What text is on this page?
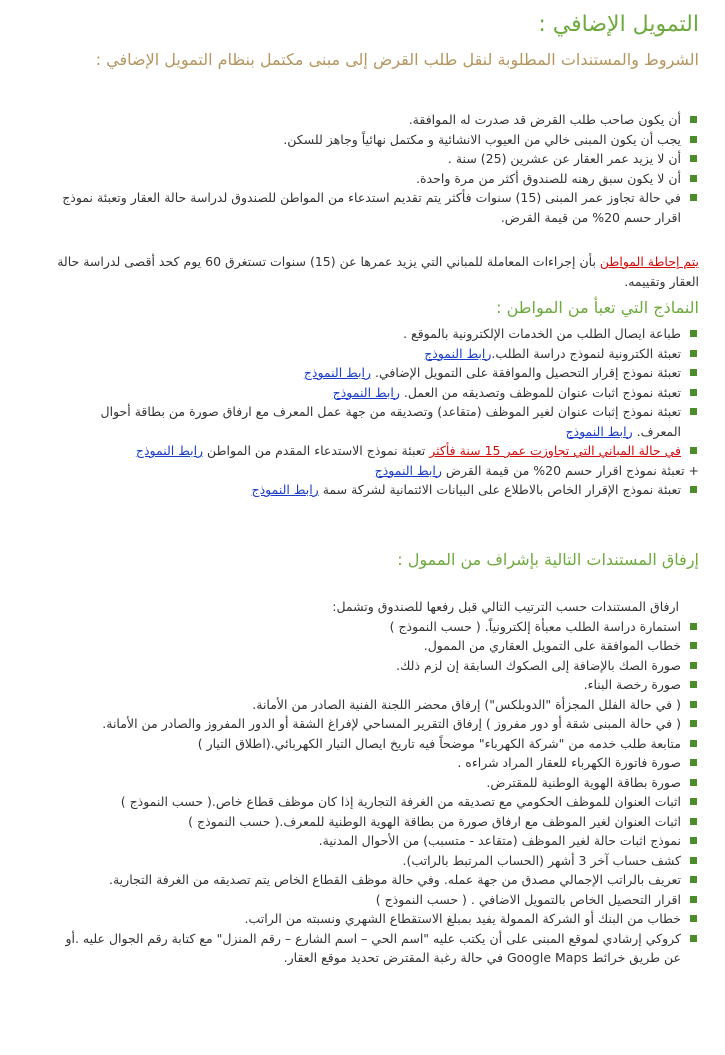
التمويل الإضافي :
الشروط والمستندات المطلوبة لنقل طلب القرض إلى مبنى مكتمل بنظام التمويل الإضافي :
أن يكون صاحب طلب القرض قد صدرت له الموافقة.
يجب أن يكون المبنى خالي من العيوب الانشائية و مكتمل نهائياً وجاهز للسكن.
أن لا يزيد عمر العقار عن عشرين (25) سنة .
أن لا يكون سبق رهنه للصندوق أكثر من مرة واحدة.
في حالة تجاوز عمر المبنى (15) سنوات فأكثر يتم تقديم استدعاء من المواطن للصندوق لدراسة حالة العقار وتعبئة نموذج اقرار حسم 20% من قيمة القرض.

يتم إحاطة المواطن بأن إجراءات المعاملة للمباني التي يزيد عمرها عن (15) سنوات تستغرق 60 يوم كحد أقصى لدراسة حالة العقار وتقييمه.

النماذج التي تعبأ من المواطن :
طباعة ايصال الطلب من الخدمات الإلكترونية بالموقع .
تعبئة الكترونية لنموذج دراسة الطلب.رابط النموذج
تعبئة نموذج إقرار التحصيل والموافقة على التمويل الإضافي. رابط النموذج
تعبئة نموذج اثبات عنوان للموظف وتصديقه من العمل. رابط النموذج
تعبئة نموذج إثبات عنوان لغير الموظف (متقاعد) وتصديقه من جهة عمل المعرف مع ارفاق صورة من بطاقة أحوال المعرف. رابط النموذج
في حالة المباني التي تجاوزت عمر 15 سنة فأكثر تعبئة نموذج الاستدعاء المقدم من المواطن رابط النموذج
+ تعبئة نموذج اقرار حسم 20% من قيمة القرض رابط النموذج
تعبئة نموذج الإقرار الخاص بالاطلاع على البيانات الائتمانية لشركة سمة رابط النموذج
إرفاق المستندات التالية بإشراف من الممول :

ارفاق المستندات حسب الترتيب التالي قبل رفعها للصندوق وتشمل:

استمارة دراسة الطلب معبأة إلكترونياً. ( حسب النموذج )
خطاب الموافقة على التمويل العقاري من الممول.
صورة الصك بالإضافة إلى الصكوك السابقة إن لزم ذلك.
صورة رخصة البناء.
( في حالة الفلل المجزأة "الدوبلكس") إرفاق محضر اللجنة الفنية الصادر من الأمانة.
( في حالة المبنى شقة أو دور مفروز ) إرفاق التقرير المساحي لإفراغ الشقة أو الدور المفروز والصادر من الأمانة.
متابعة طلب خدمه من "شركة الكهرباء" موضحاً فيه تاريخ ايصال التيار الكهربائي.(اطلاق التيار )
صورة فاتورة الكهرباء للعقار المراد شراءه .
صورة بطاقة الهوية الوطنية للمقترض.
اثبات العنوان للموظف الحكومي مع تصديقه من الغرفة التجارية إذا كان موظف قطاع خاص.( حسب النموذج )
اثبات العنوان لغير الموظف مع ارفاق صورة من بطاقة الهوية الوطنية للمعرف.( حسب النموذج )
نموذج اثبات حالة لغير الموظف (متقاعد - متسبب) من الأحوال المدنية.
كشف حساب آخر 3 أشهر (الحساب المرتبط بالراتب).
تعريف بالراتب الإجمالي مصدق من جهة عمله. وفي حالة موظف القطاع الخاص يتم تصديقه من الغرفة التجارية.
اقرار التحصيل الخاص بالتمويل الاضافي . ( حسب النموذج )
خطاب من البنك أو الشركة الممولة يفيد بمبلغ الاستقطاع الشهري ونسبته من الراتب.
كروكي إرشادي لموقع المبنى على أن يكتب عليه "اسم الحي – اسم الشارع – رقم المنزل" مع كتابة رقم الجوال عليه .أو عن طريق خرائط Google Maps في حالة رغبة المقترض تحديد موقع العقار.
